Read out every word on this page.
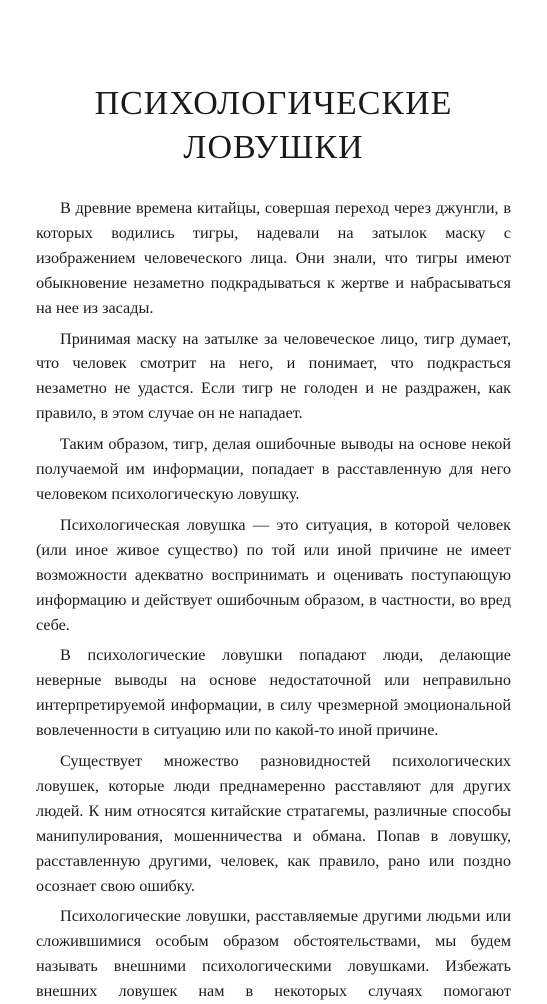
ПСИХОЛОГИЧЕСКИЕ
ЛОВУШКИ

В древние времена китайцы, совершая переход через джунгли, в которых водились тигры, надевали на затылок маску с изображением человеческого лица. Они знали, что тигры имеют обыкновение незаметно подкрадываться к жертве и набрасываться на нее из засады.

Принимая маску на затылке за человеческое лицо, тигр думает, что человек смотрит на него, и понимает, что подкрасться незаметно не удастся. Если тигр не голоден и не раздражен, как правило, в этом случае он не нападает.

Таким образом, тигр, делая ошибочные выводы на основе некой получаемой им информации, попадает в расставленную для него человеком психологическую ловушку.

Психологическая ловушка — это ситуация, в которой человек (или иное живое существо) по той или иной причине не имеет возможности адекватно воспринимать и оценивать поступающую информацию и действует ошибочным образом, в частности, во вред себе.

В психологические ловушки попадают люди, делающие неверные выводы на основе недостаточной или неправильно интерпретируемой информации, в силу чрезмерной эмоциональной вовлеченности в ситуацию или по какой-то иной причине.

Существует множество разновидностей психологических ловушек, которые люди преднамеренно расставляют для других людей. К ним относятся китайские стратагемы, различные способы манипулирования, мошенничества и обмана. Попав в ловушку, расставленную другими, человек, как правило, рано или поздно осознает свою ошибку.

Психологические ловушки, расставляемые другими людьми или сложившимися особым образом обстоятельствами, мы будем называть внешними психологическими ловушками. Избежать внешних ловушек нам в некоторых случаях помогают
